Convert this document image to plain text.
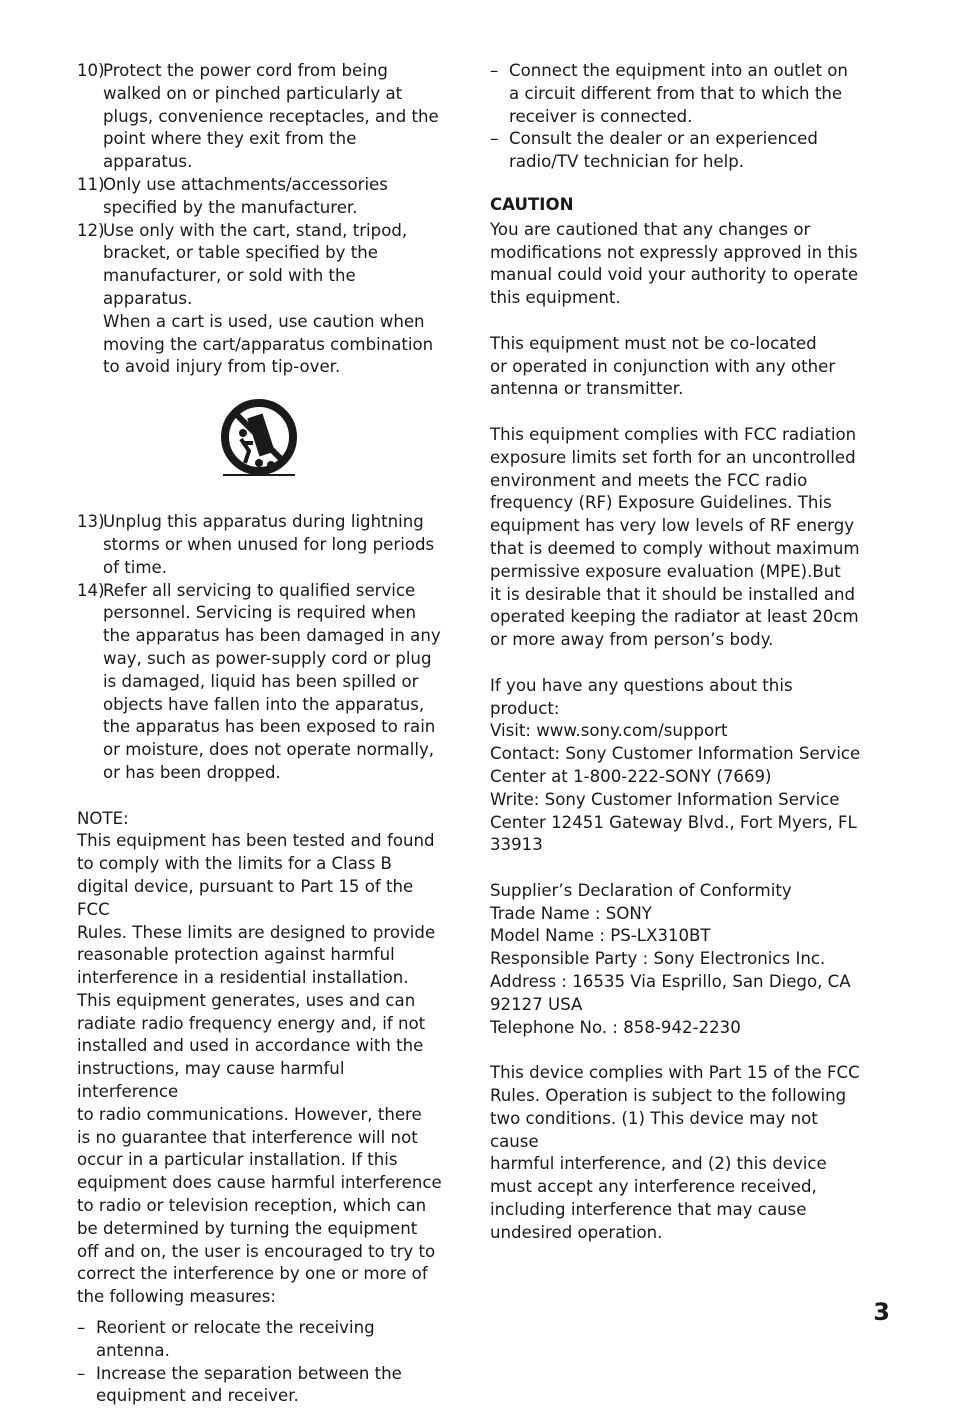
10)
Protect the power cord from being
walked on or pinched particularly at
plugs, convenience receptacles, and the
point where they exit from the apparatus.
11)
Only use attachments/accessories
specified by the manufacturer.
12)
Use only with the cart, stand, tripod,
bracket, or table specified by the
manufacturer, or sold with the apparatus.
When a cart is used, use caution when
moving the cart/apparatus combination
to avoid injury from tip-over.
13)
Unplug this apparatus during lightning
storms or when unused for long periods
of time.
14)
Refer all servicing to qualified service
personnel. Servicing is required when
the apparatus has been damaged in any
way, such as power-supply cord or plug
is damaged, liquid has been spilled or
objects have fallen into the apparatus,
the apparatus has been exposed to rain
or moisture, does not operate normally,
or has been dropped.

NOTE:

This equipment has been tested and found
to comply with the limits for a Class B
digital device, pursuant to Part 15 of the FCC
Rules. These limits are designed to provide
reasonable protection against harmful
interference in a residential installation.
This equipment generates, uses and can
radiate radio frequency energy and, if not
installed and used in accordance with the
instructions, may cause harmful interference
to radio communications. However, there
is no guarantee that interference will not
occur in a particular installation. If this
equipment does cause harmful interference
to radio or television reception, which can
be determined by turning the equipment
off and on, the user is encouraged to try to
correct the interference by one or more of
the following measures:

– Reorient or relocate the receiving antenna.
– Increase the separation between the
equipment and receiver.
– Connect the equipment into an outlet on
a circuit different from that to which the
receiver is connected.
– Consult the dealer or an experienced
radio/TV technician for help.

CAUTION

You are cautioned that any changes or
modifications not expressly approved in this
manual could void your authority to operate
this equipment.

This equipment must not be co-located
or operated in conjunction with any other
antenna or transmitter.

This equipment complies with FCC radiation
exposure limits set forth for an uncontrolled
environment and meets the FCC radio
frequency (RF) Exposure Guidelines. This
equipment has very low levels of RF energy
that is deemed to comply without maximum
permissive exposure evaluation (MPE).But
it is desirable that it should be installed and
operated keeping the radiator at least 20cm
or more away from person’s body.

If you have any questions about this
product:
Visit: www.sony.com/support
Contact: Sony Customer Information Service
Center at 1-800-222-SONY (7669)
Write: Sony Customer Information Service
Center 12451 Gateway Blvd., Fort Myers, FL
33913

Supplier’s Declaration of Conformity
Trade Name : SONY
Model Name : PS-LX310BT
Responsible Party : Sony Electronics Inc.
Address : 16535 Via Esprillo, San Diego, CA
92127 USA
Telephone No. : 858-942-2230

This device complies with Part 15 of the FCC
Rules. Operation is subject to the following
two conditions. (1) This device may not cause
harmful interference, and (2) this device
must accept any interference received,
including interference that may cause
undesired operation.

3
